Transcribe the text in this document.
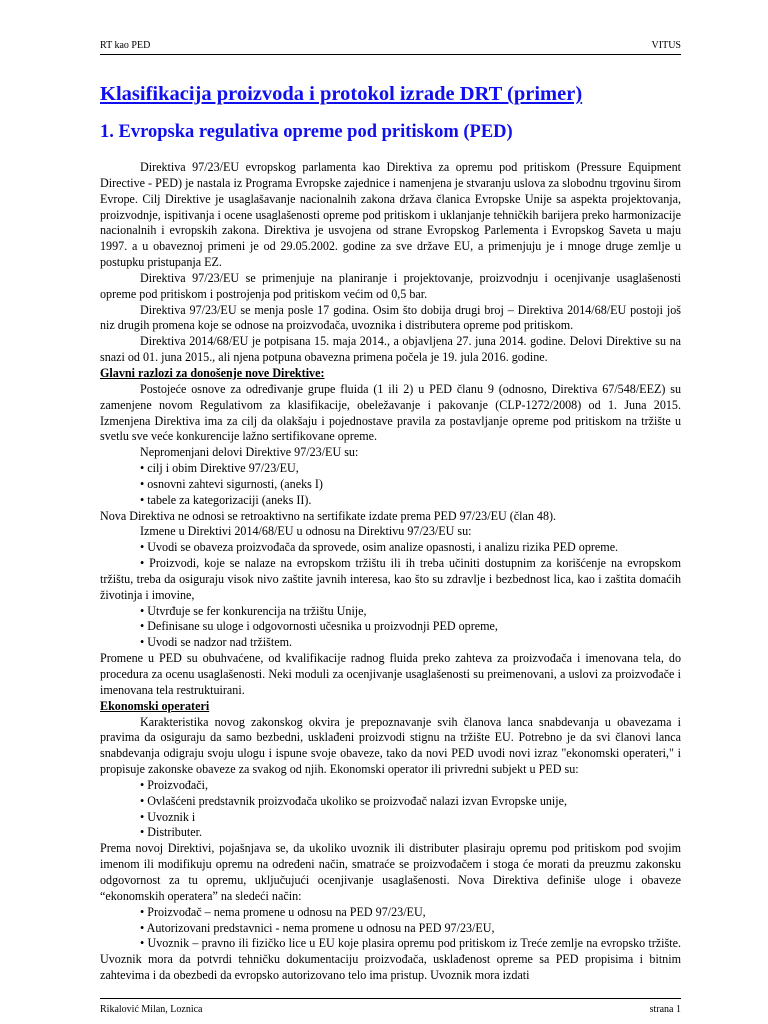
RT kao PED	VITUS
Klasifikacija proizvoda i protokol izrade DRT (primer)
1. Evropska regulativa opreme pod pritiskom (PED)

Direktiva 97/23/EU evropskog parlamenta kao Direktiva za opremu pod pritiskom (Pressure Equipment Directive - PED) je nastala iz Programa Evropske zajednice i namenjena je stvaranju uslova za slobodnu trgovinu širom Evrope. Cilj Direktive je usaglašavanje nacionalnih zakona država članica Evropske Unije sa aspekta projektovanja, proizvodnje, ispitivanja i ocene usaglašenosti opreme pod pritiskom i uklanjanje tehničkih barijera preko harmonizacije nacionalnih i evropskih zakona. Direktiva je usvojena od strane Evropskog Parlementa i Evropskog Saveta u maju 1997. a u obaveznoj primeni je od 29.05.2002. godine za sve države EU, a primenjuju je i mnoge druge zemlje u postupku pristupanja EZ.

Direktiva 97/23/EU se primenjuje na planiranje i projektovanje, proizvodnju i ocenjivanje usaglašenosti opreme pod pritiskom i postrojenja pod pritiskom većim od 0,5 bar.

Direktiva 97/23/EU se menja posle 17 godina. Osim što dobija drugi broj – Direktiva 2014/68/EU postoji još niz drugih promena koje se odnose na proizvođača, uvoznika i distributera opreme pod pritiskom.

Direktiva 2014/68/EU je potpisana 15. maja 2014., a objavljena 27. juna 2014. godine. Delovi Direktive su na snazi od 01. juna 2015., ali njena potpuna obavezna primena počela je 19. jula 2016. godine.

Glavni razlozi za donošenje nove Direktive:

Postojeće osnove za određivanje grupe fluida (1 ili 2) u PED članu 9 (odnosno, Direktiva 67/548/EEZ) su zamenjene novom Regulativom za klasifikacije, obeležavanje i pakovanje (CLP-1272/2008) od 1. Juna 2015. Izmenjena Direktiva ima za cilj da olakšaju i pojednostave pravila za postavljanje opreme pod pritiskom na tržište u svetlu sve veće konkurencije lažno sertifikovane opreme.

Nepromenjani delovi Direktive 97/23/EU su:

• cilj i obim Direktive 97/23/EU,

• osnovni zahtevi sigurnosti, (aneks I)

• tabele za kategorizaciji (aneks II).

Nova Direktiva ne odnosi se retroaktivno na sertifikate izdate prema PED 97/23/EU (član 48).

Izmene u Direktivi 2014/68/EU u odnosu na Direktivu 97/23/EU su:

• Uvodi se obaveza proizvođača da sprovede, osim analize opasnosti, i analizu rizika PED opreme.

• Proizvodi, koje se nalaze na evropskom tržištu ili ih treba učiniti dostupnim za korišćenje na evropskom tržištu, treba da osiguraju visok nivo zaštite javnih interesa, kao što su zdravlje i bezbednost lica, kao i zaštita domaćih životinja i imovine,

• Utvrđuje se fer konkurencija na tržištu Unije,

• Definisane su uloge i odgovornosti učesnika u proizvodnji PED opreme,

• Uvodi se nadzor nad tržištem.

Promene u PED su obuhvaćene, od kvalifikacije radnog fluida preko zahteva za proizvođača i imenovana tela, do procedura za ocenu usaglašenosti. Neki moduli za ocenjivanje usaglašenosti su preimenovani, a uslovi za proizvođače i imenovana tela restruktuirani.

Ekonomski operateri

Karakteristika novog zakonskog okvira je prepoznavanje svih članova lanca snabdevanja u obavezama i pravima da osiguraju da samo bezbedni, usklađeni proizvodi stignu na tržište EU. Potrebno je da svi članovi lanca snabdevanja odigraju svoju ulogu i ispune svoje obaveze, tako da novi PED uvodi novi izraz "ekonomski operateri," i propisuje zakonske obaveze za svakog od njih. Ekonomski operator ili privredni subjekt u PED su:

• Proizvođači,

• Ovlašćeni predstavnik proizvođača ukoliko se proizvođač nalazi izvan Evropske unije,

• Uvoznik i

• Distributer.

Prema novoj Direktivi, pojašnjava se, da ukoliko uvoznik ili distributer plasiraju opremu pod pritiskom pod svojim imenom ili modifikuju opremu na određeni način, smatraće se proizvođačem i stoga će morati da preuzmu zakonsku odgovornost za tu opremu, uključujući ocenjivanje usaglašenosti. Nova Direktiva definiše uloge i obaveze “ekonomskih operatera” na sledeći način:

• Proizvođač – nema promene u odnosu na PED 97/23/EU,

• Autorizovani predstavnici - nema promene u odnosu na PED 97/23/EU,

• Uvoznik – pravno ili fizičko lice u EU koje plasira opremu pod pritiskom iz Treće zemlje na evropsko tržište. Uvoznik mora da potvrdi tehničku dokumentaciju proizvođača, usklađenost opreme sa PED propisima i bitnim zahtevima i da obezbedi da evropsko autorizovano telo ima pristup. Uvoznik mora izdati

Rikalović Milan, Loznica	strana 1
